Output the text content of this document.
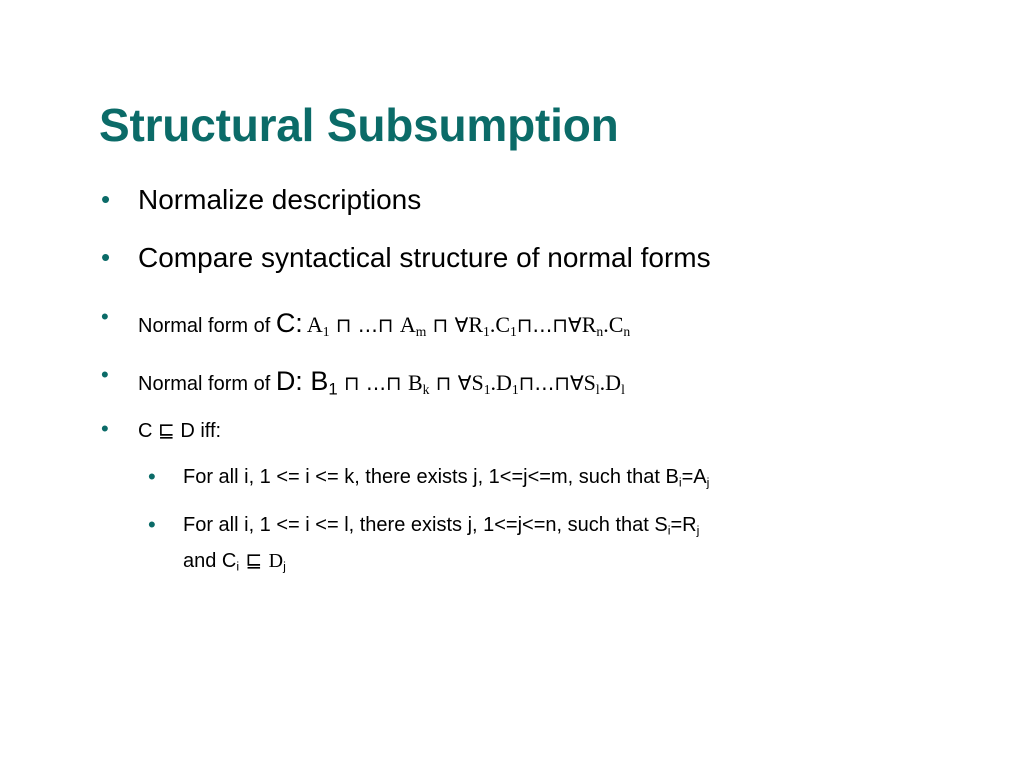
Structural Subsumption
• Normalize descriptions
• Compare syntactical structure of normal forms
• Normal form of C: $A_1$ ⊓ …⊓ $A_m$ ⊓ $\forall R_1.C_1⊓\dots⊓\forall R_n.C_n$
• Normal form of D: $B_1$ ⊓ …⊓ $B_k$ ⊓ $\forall S_1.D_1⊓\dots⊓\forall S_l.D_l$
• C ⊑ D iff:
• For all i, 1 <= i <= k, there exists j, 1<=j<=m, such that $B_i=A_j$
• For all i, 1 <= i <= l, there exists j, 1<=j<=n, such that $S_i=R_j$
and $C_i$ ⊑ $D_j$
